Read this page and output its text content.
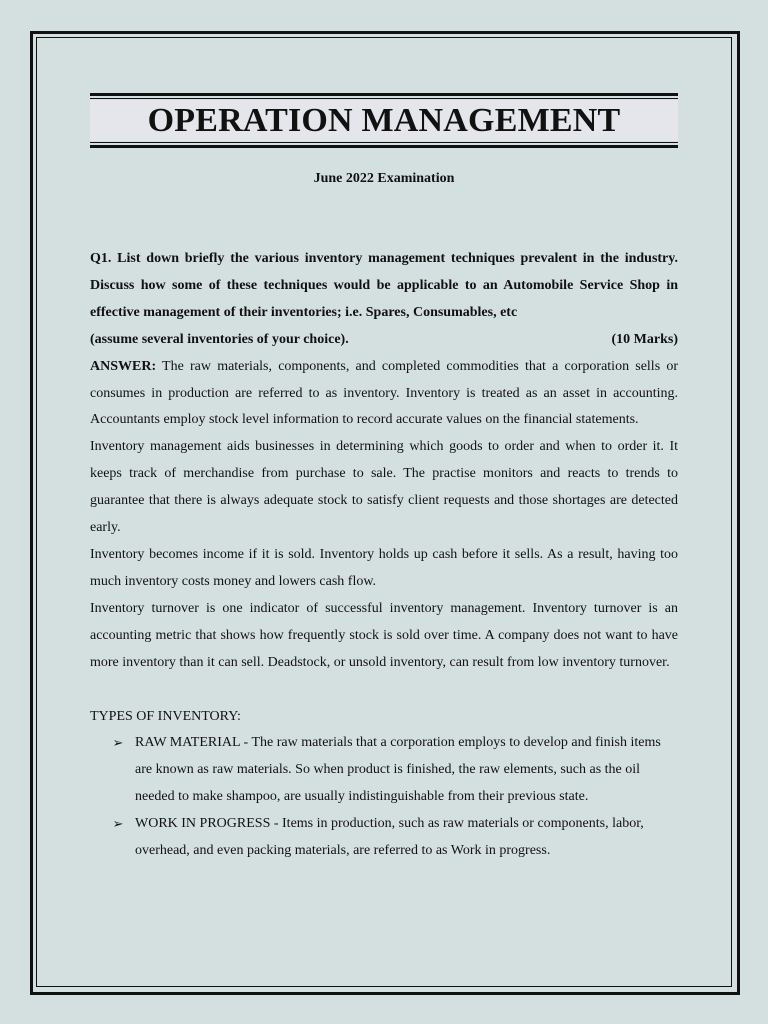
OPERATION MANAGEMENT
June 2022 Examination

Q1. List down briefly the various inventory management techniques prevalent in the industry. Discuss how some of these techniques would be applicable to an Automobile Service Shop in effective management of their inventories; i.e. Spares, Consumables, etc

(assume several inventories of your choice).	(10 Marks)

ANSWER: The raw materials, components, and completed commodities that a corporation sells or consumes in production are referred to as inventory. Inventory is treated as an asset in accounting. Accountants employ stock level information to record accurate values on the financial statements.

Inventory management aids businesses in determining which goods to order and when to order it. It keeps track of merchandise from purchase to sale. The practise monitors and reacts to trends to guarantee that there is always adequate stock to satisfy client requests and those shortages are detected early.

Inventory becomes income if it is sold. Inventory holds up cash before it sells. As a result, having too much inventory costs money and lowers cash flow.

Inventory turnover is one indicator of successful inventory management. Inventory turnover is an accounting metric that shows how frequently stock is sold over time. A company does not want to have more inventory than it can sell. Deadstock, or unsold inventory, can result from low inventory turnover.

TYPES OF INVENTORY:

➢ RAW MATERIAL - The raw materials that a corporation employs to develop and finish items are known as raw materials. So when product is finished, the raw elements, such as the oil needed to make shampoo, are usually indistinguishable from their previous state.
➢ WORK IN PROGRESS - Items in production, such as raw materials or components, labor, overhead, and even packing materials, are referred to as Work in progress.
